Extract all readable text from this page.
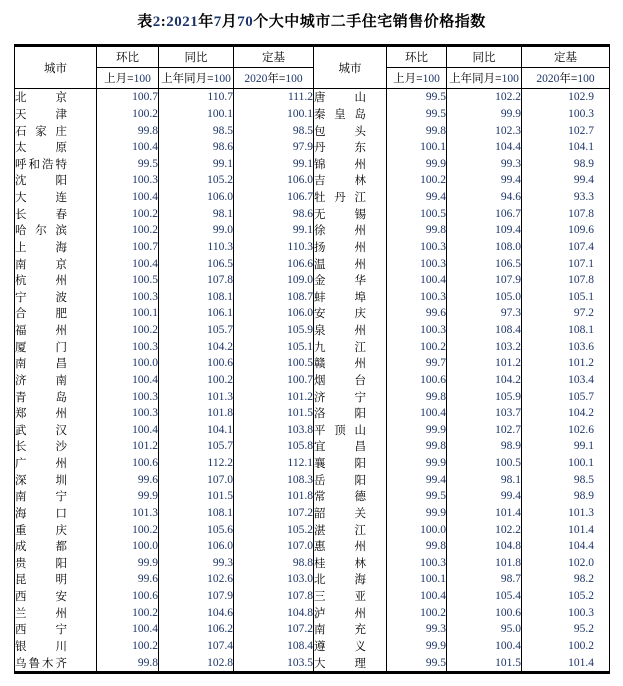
表2:2021年7月70个大中城市二手住宅销售价格指数
城市	环比	同比	定基	城市	环比	同比	定基
	上月=100	上年同月=100	2020年=100		上月=100	上年同月=100	2020年=100
北京	100.7	110.7	111.2	唐山	99.5	102.2	102.9
天津	100.2	100.1	100.1	秦皇岛	99.5	99.9	100.3
石家庄	99.8	98.5	98.5	包头	99.8	102.3	102.7
太原	100.4	98.6	97.9	丹东	100.1	104.4	104.1
呼和浩特	99.5	99.1	99.1	锦州	99.9	99.3	98.9
沈阳	100.3	105.2	106.0	吉林	100.2	99.4	99.4
大连	100.4	106.0	106.7	牡丹江	99.4	94.6	93.3
长春	100.2	98.1	98.6	无锡	100.5	106.7	107.8
哈尔滨	100.2	99.0	99.1	徐州	99.8	109.4	109.6
上海	100.7	110.3	110.3	扬州	100.3	108.0	107.4
南京	100.4	106.5	106.6	温州	100.3	106.5	107.1
杭州	100.5	107.8	109.0	金华	100.4	107.9	107.8
宁波	100.3	108.1	108.7	蚌埠	100.3	105.0	105.1
合肥	100.1	106.1	106.0	安庆	99.6	97.3	97.2
福州	100.2	105.7	105.9	泉州	100.3	108.4	108.1
厦门	100.3	104.2	105.1	九江	100.2	103.2	103.6
南昌	100.0	100.6	100.5	赣州	99.7	101.2	101.2
济南	100.4	100.2	100.7	烟台	100.6	104.2	103.4
青岛	100.3	101.3	101.2	济宁	99.8	105.9	105.7
郑州	100.3	101.8	101.5	洛阳	100.4	103.7	104.2
武汉	100.4	104.1	103.8	平顶山	99.9	102.7	102.6
长沙	101.2	105.7	105.8	宜昌	99.8	98.9	99.1
广州	100.6	112.2	112.1	襄阳	99.9	100.5	100.1
深圳	99.6	107.0	108.3	岳阳	99.4	98.1	98.5
南宁	99.9	101.5	101.8	常德	99.5	99.4	98.9
海口	101.3	108.1	107.2	韶关	99.9	101.4	101.3
重庆	100.2	105.6	105.2	湛江	100.0	102.2	101.4
成都	100.0	106.0	107.0	惠州	99.8	104.8	104.4
贵阳	99.9	99.3	98.8	桂林	100.3	101.8	102.0
昆明	99.6	102.6	103.0	北海	100.1	98.7	98.2
西安	100.6	107.9	107.8	三亚	100.4	105.4	105.2
兰州	100.2	104.6	104.8	泸州	100.2	100.6	100.3
西宁	100.4	106.2	107.2	南充	99.3	95.0	95.2
银川	100.2	107.4	108.4	遵义	99.9	100.4	100.2
乌鲁木齐	99.8	102.8	103.5	大理	99.5	101.5	101.4
